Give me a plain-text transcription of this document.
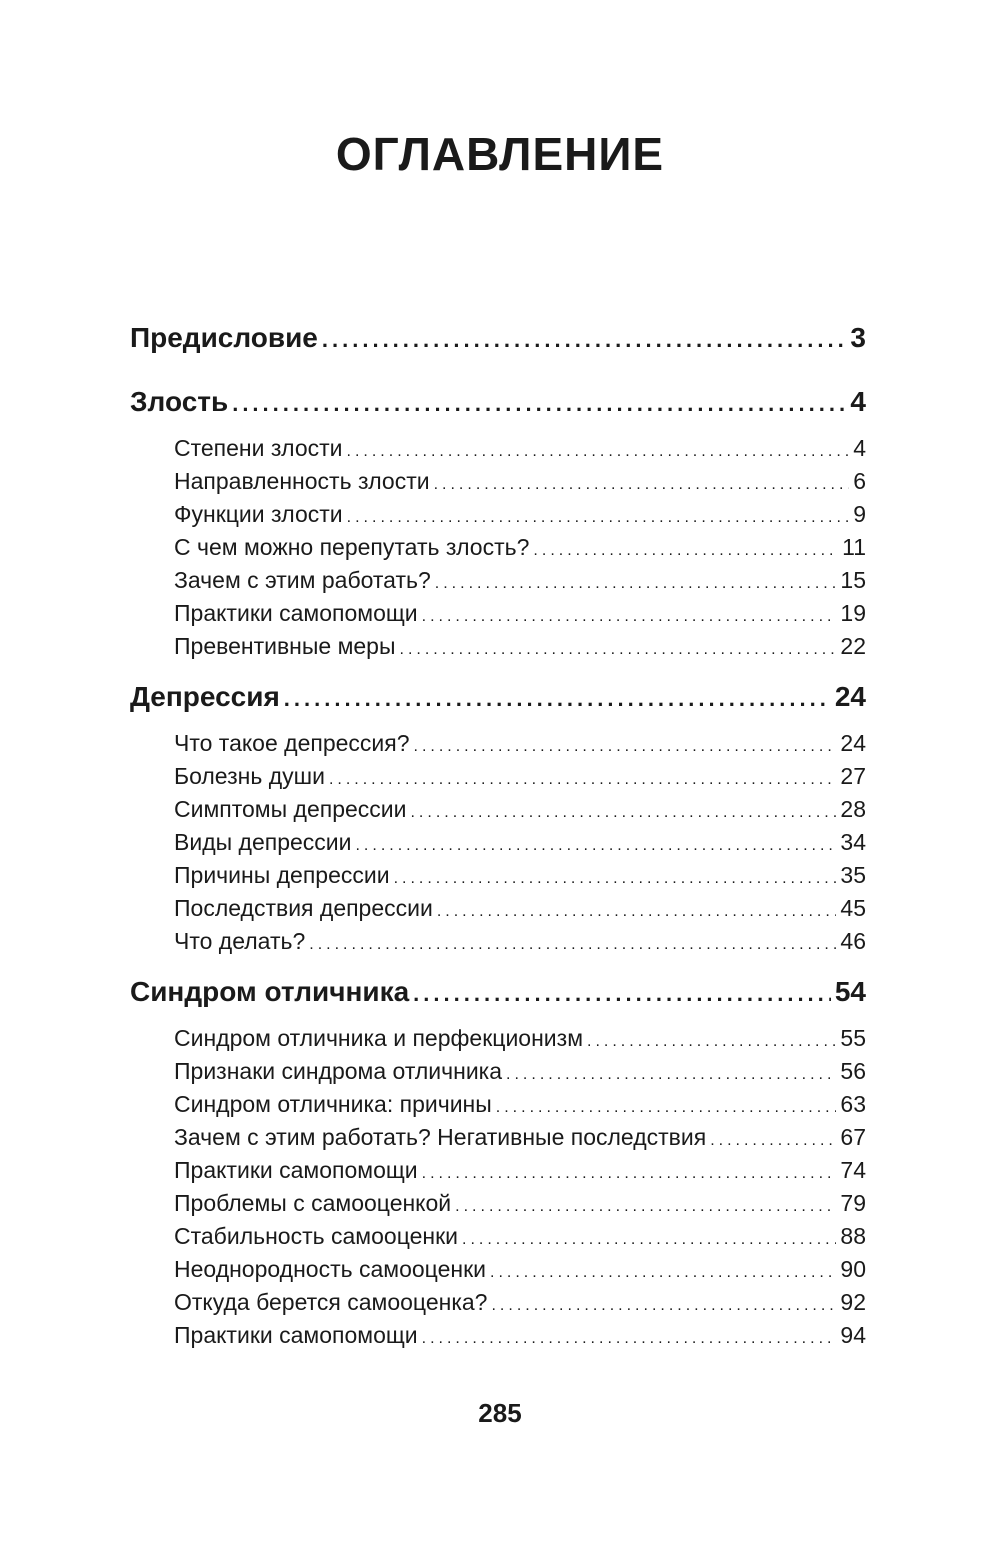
ОГЛАВЛЕНИЕ
Предисловие .....	3
Злость .....	4
Степени злости .....	4
Направленность злости .....	6
Функции злости .....	9
С чем можно перепутать злость? .....	11
Зачем с этим работать? .....	15
Практики самопомощи .....	19
Превентивные меры .....	22
Депрессия .....	24
Что такое депрессия? .....	24
Болезнь души .....	27
Симптомы депрессии .....	28
Виды депрессии .....	34
Причины депрессии .....	35
Последствия депрессии .....	45
Что делать? .....	46
Синдром отличника .....	54
Синдром отличника и перфекционизм .....	55
Признаки синдрома отличника .....	56
Синдром отличника: причины .....	63
Зачем с этим работать? Негативные последствия .....	67
Практики самопомощи .....	74
Проблемы с самооценкой .....	79
Стабильность самооценки .....	88
Неоднородность самооценки .....	90
Откуда берется самооценка? .....	92
Практики самопомощи .....	94
285
